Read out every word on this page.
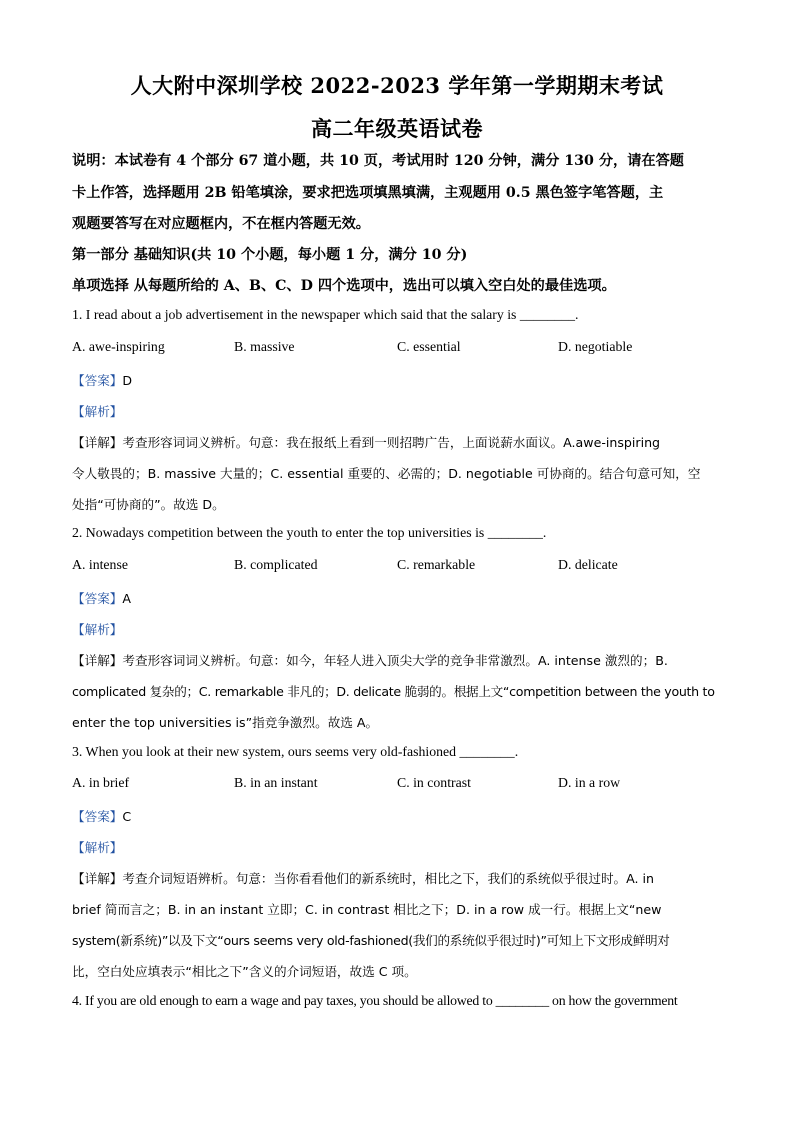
人大附中深圳学校 2022-2023 学年第一学期期末考试
高二年级英语试卷
说明：本试卷有 4 个部分 67 道小题，共 10 页，考试用时 120 分钟，满分 130 分，请在答题
卡上作答，选择题用 2B 铅笔填涂，要求把选项填黑填满，主观题用 0.5 黑色签字笔答题，主
观题要答写在对应题框内，不在框内答题无效。
第一部分 基础知识(共 10 个小题，每小题 1 分，满分 10 分)
单项选择 从每题所给的 A、B、C、D 四个选项中，选出可以填入空白处的最佳选项。
1. I read about a job advertisement in the newspaper which said that the salary is ________.
A. awe-inspiring	B. massive	C. essential	D. negotiable
【答案】D
【解析】
【详解】考查形容词词义辨析。句意：我在报纸上看到一则招聘广告，上面说薪水面议。A.awe-inspiring
令人敬畏的；B. massive 大量的；C. essential 重要的、必需的；D. negotiable 可协商的。结合句意可知，空
处指“可协商的”。故选 D。
2. Nowadays competition between the youth to enter the top universities is ________.
A. intense	B. complicated	C. remarkable	D. delicate
【答案】A
【解析】
【详解】考查形容词词义辨析。句意：如今，年轻人进入顶尖大学的竞争非常激烈。A. intense 激烈的；B.
complicated 复杂的；C. remarkable 非凡的；D. delicate 脆弱的。根据上文“competition between the youth to
enter the top universities is”指竞争激烈。故选 A。
3. When you look at their new system, ours seems very old-fashioned ________.
A. in brief	B. in an instant	C. in contrast	D. in a row
【答案】C
【解析】
【详解】考查介词短语辨析。句意：当你看看他们的新系统时，相比之下，我们的系统似乎很过时。A. in
brief 简而言之；B. in an instant 立即；C. in contrast 相比之下；D. in a row 成一行。根据上文“new
system(新系统)”以及下文“ours seems very old-fashioned(我们的系统似乎很过时)”可知上下文形成鲜明对
比，空白处应填表示“相比之下”含义的介词短语，故选 C 项。
4. If you are old enough to earn a wage and pay taxes, you should be allowed to ________ on how the government
